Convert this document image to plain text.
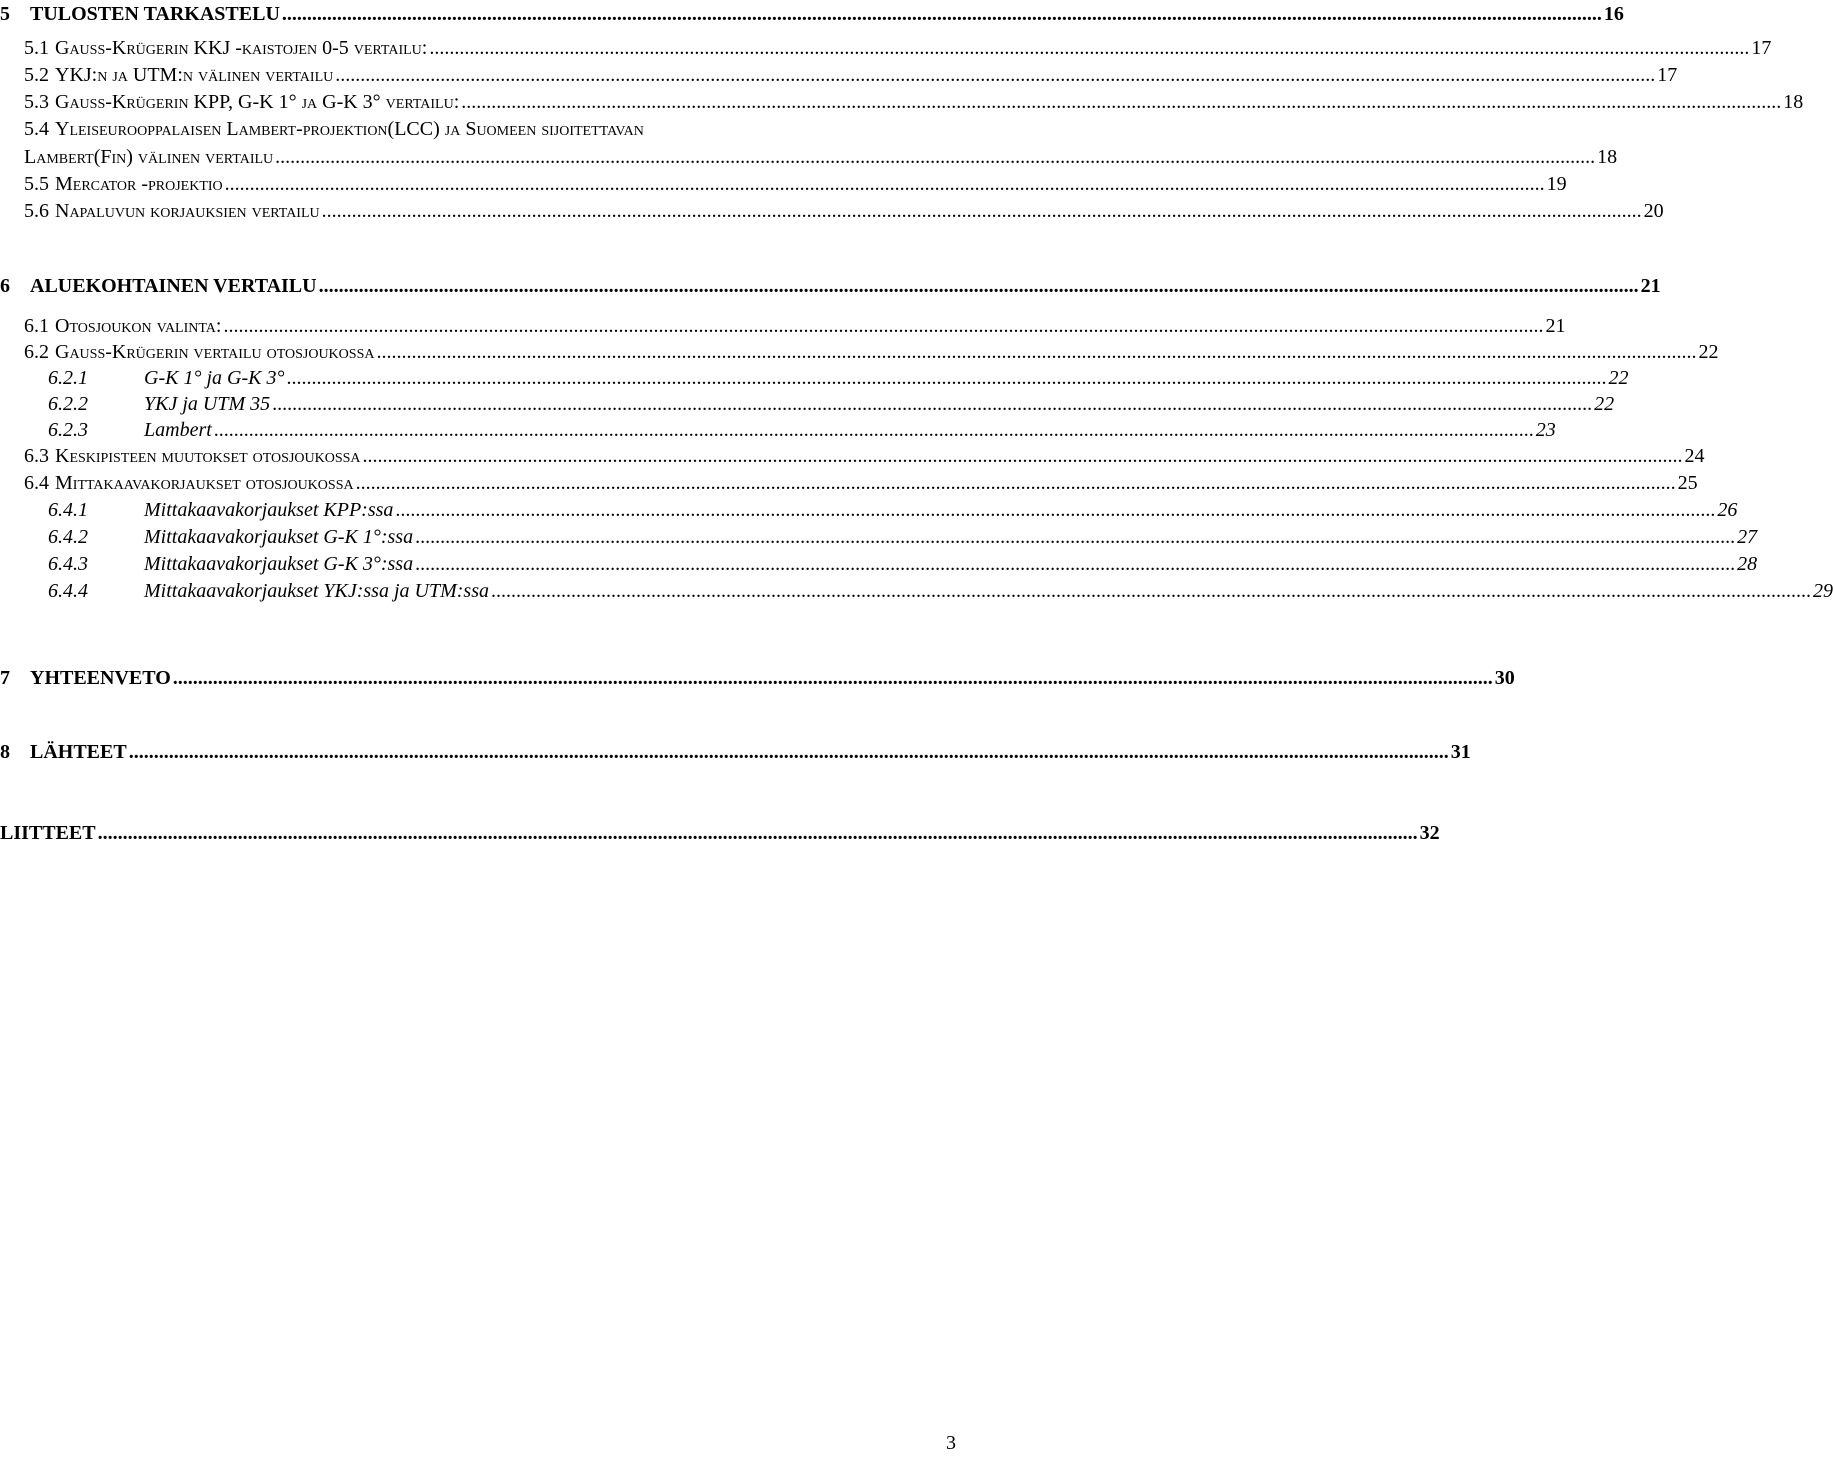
5 TULOSTEN TARKASTELU .....	16
5.1 Gauss-Krügerin KKJ -kaistojen 0-5 vertailu: .....	17
5.2 YKJ:n ja UTM:n välinen vertailu .....	17
5.3 Gauss-Krügerin KPP, G-K 1° ja G-K 3° vertailu: .....	18
5.4 Yleiseurooppalaisen Lambert-projektion(LCC) ja Suomeen sijoitettavan
Lambert(Fin) välinen vertailu .....	18
5.5 Mercator -projektio .....	19
5.6 Napaluvun korjauksien vertailu .....	20
6 ALUEKOHTAINEN VERTAILU .....	21
6.1 Otosjoukon valinta: .....	21
6.2 Gauss-Krügerin vertailu otosjoukossa .....	22
6.2.1	G-K 1° ja G-K 3° .....	22
6.2.2	YKJ ja UTM 35 .....	22
6.2.3	Lambert .....	23
6.3 Keskipisteen muutokset otosjoukossa .....	24
6.4 Mittakaavakorjaukset otosjoukossa .....	25
6.4.1	Mittakaavakorjaukset KPP:ssa .....	26
6.4.2	Mittakaavakorjaukset G-K 1°:ssa .....	27
6.4.3	Mittakaavakorjaukset G-K 3°:ssa .....	28
6.4.4	Mittakaavakorjaukset YKJ:ssa ja UTM:ssa .....	29
7 YHTEENVETO .....	30
8 LÄHTEET .....	31
LIITTEET .....	32
3
